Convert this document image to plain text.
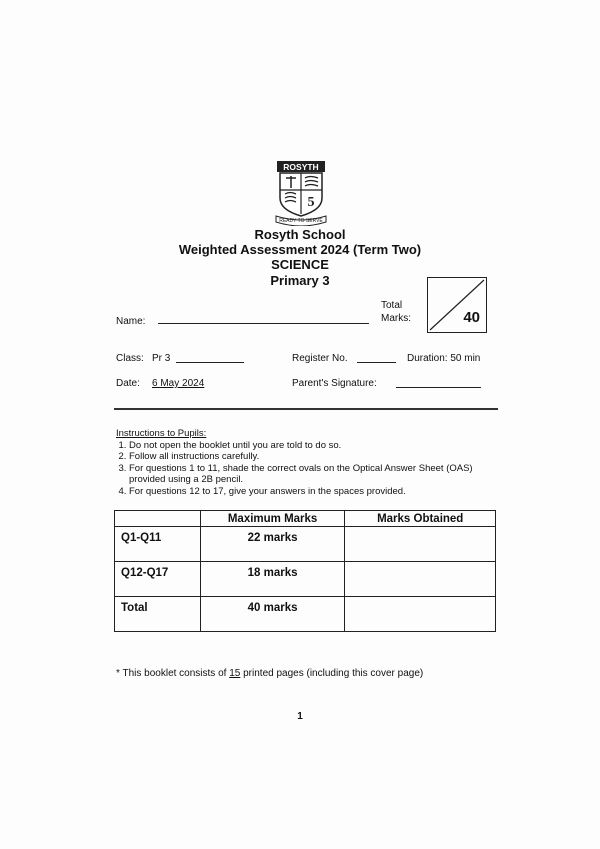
ROSYTH
5
READY TO SERVE
Rosyth School
Weighted Assessment 2024 (Term Two)
SCIENCE
Primary 3
Name:
Total
Marks:	40
Class: Pr 3	Register No.	Duration: 50 min
Date: 6 May 2024	Parent's Signature:
Instructions to Pupils:
1. Do not open the booklet until you are told to do so.
2. Follow all instructions carefully.
3. For questions 1 to 11, shade the correct ovals on the Optical Answer Sheet (OAS) provided using a 2B pencil.
4. For questions 12 to 17, give your answers in the spaces provided.
	Maximum Marks	Marks Obtained
Q1-Q11	22 marks	
Q12-Q17	18 marks	
Total	40 marks	
* This booklet consists of 15 printed pages (including this cover page)
1
